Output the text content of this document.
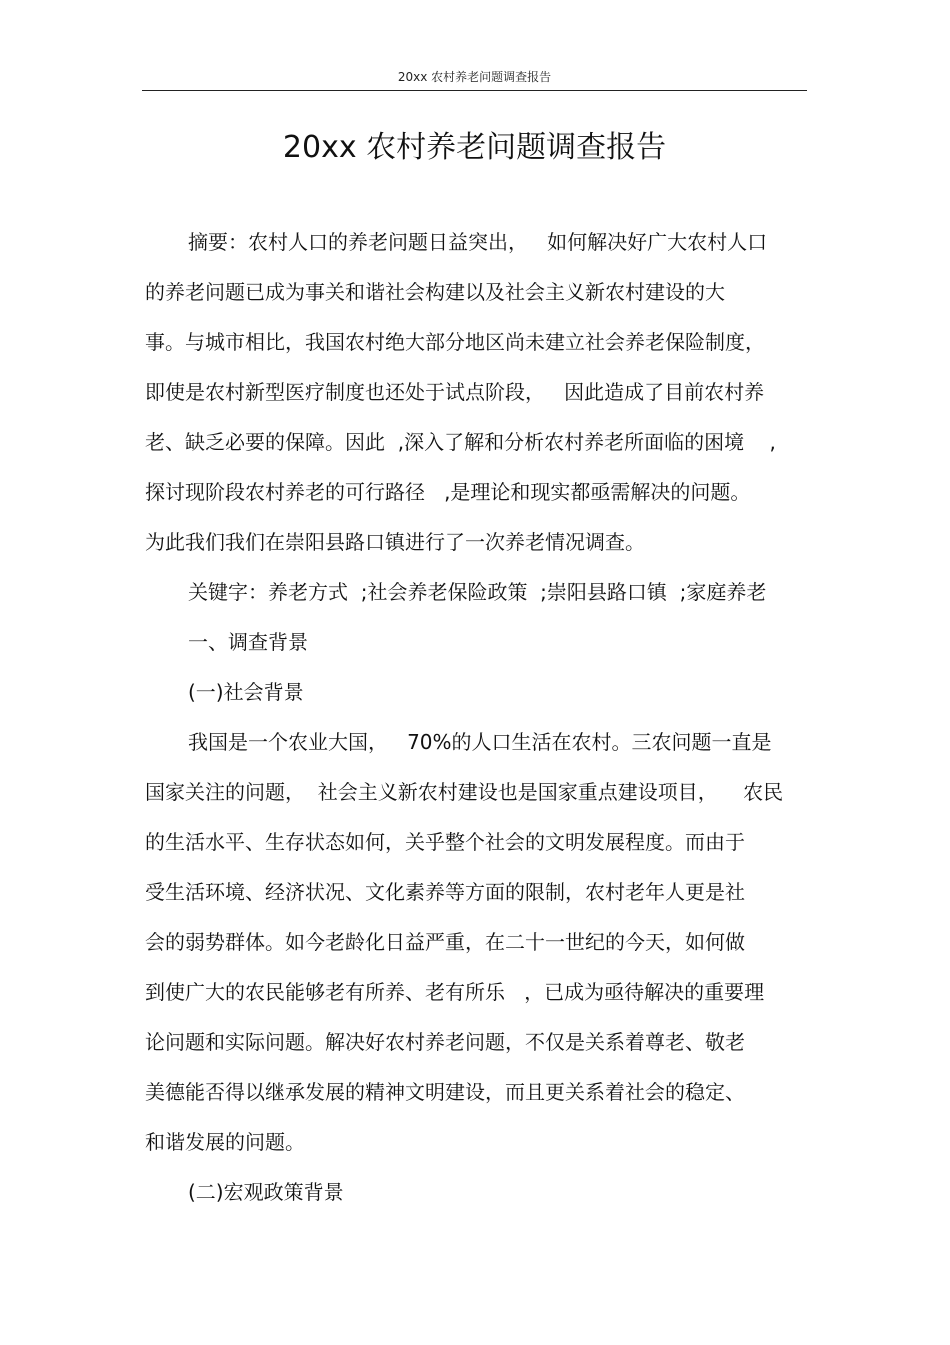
20xx 农村养老问题调查报告
20xx 农村养老问题调查报告
摘要：农村人口的养老问题日益突出，   如何解决好广大农村人口
的养老问题已成为事关和谐社会构建以及社会主义新农村建设的大
事。与城市相比，我国农村绝大部分地区尚未建立社会养老保险制度，
即使是农村新型医疗制度也还处于试点阶段，   因此造成了目前农村养
老、缺乏必要的保障。因此  ,深入了解和分析农村养老所面临的困境    ,
探讨现阶段农村养老的可行路径   ,是理论和现实都亟需解决的问题。
为此我们我们在崇阳县路口镇进行了一次养老情况调查。
关键字：养老方式  ;社会养老保险政策  ;崇阳县路口镇  ;家庭养老
一、调查背景
(一)社会背景
我国是一个农业大国，   70%的人口生活在农村。三农问题一直是
国家关注的问题，  社会主义新农村建设也是国家重点建设项目，    农民
的生活水平、生存状态如何，关乎整个社会的文明发展程度。而由于
受生活环境、经济状况、文化素养等方面的限制，农村老年人更是社
会的弱势群体。如今老龄化日益严重，在二十一世纪的今天，如何做
到使广大的农民能够老有所养、老有所乐   ，已成为亟待解决的重要理
论问题和实际问题。解决好农村养老问题，不仅是关系着尊老、敬老
美德能否得以继承发展的精神文明建设，而且更关系着社会的稳定、
和谐发展的问题。
(二)宏观政策背景
